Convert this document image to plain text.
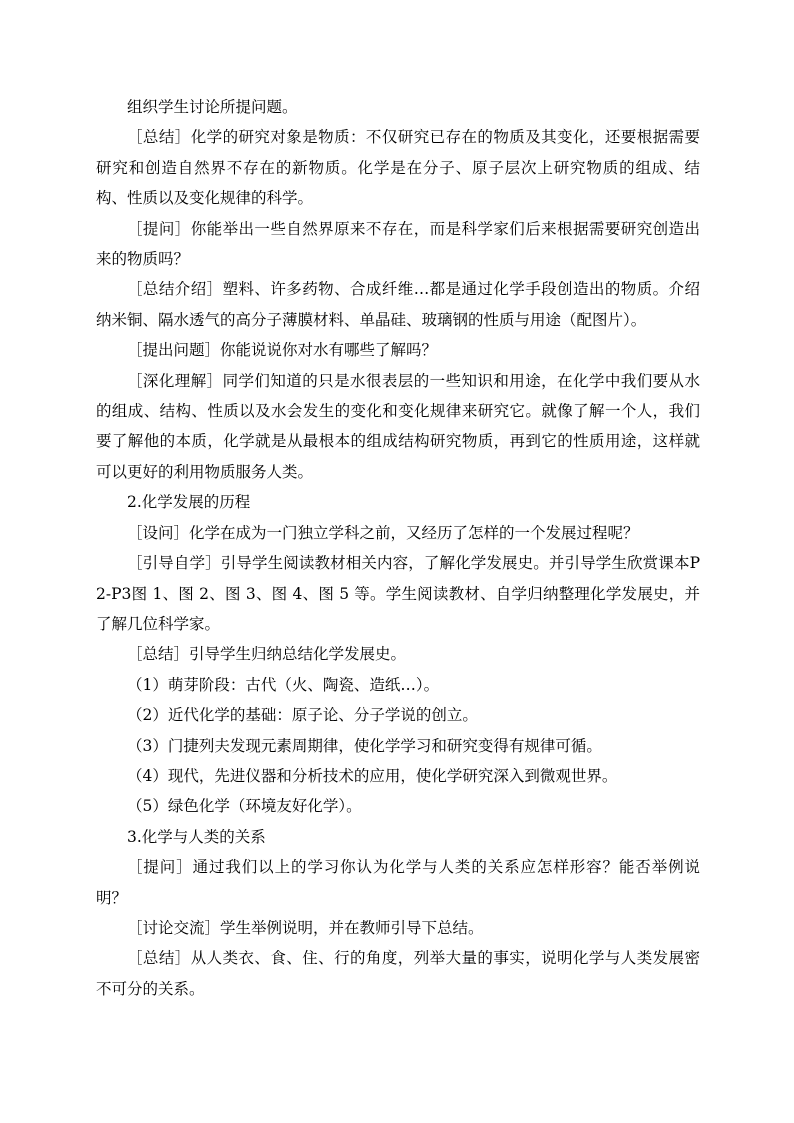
组织学生讨论所提问题。

［总结］化学的研究对象是物质：不仅研究已存在的物质及其变化，还要根据需要研究和创造自然界不存在的新物质。化学是在分子、原子层次上研究物质的组成、结构、性质以及变化规律的科学。

［提问］你能举出一些自然界原来不存在，而是科学家们后来根据需要研究创造出来的物质吗？

［总结介绍］塑料、许多药物、合成纤维…都是通过化学手段创造出的物质。介绍纳米铜、隔水透气的高分子薄膜材料、单晶硅、玻璃钢的性质与用途（配图片）。

［提出问题］你能说说你对水有哪些了解吗？

［深化理解］同学们知道的只是水很表层的一些知识和用途，在化学中我们要从水的组成、结构、性质以及水会发生的变化和变化规律来研究它。就像了解一个人，我们要了解他的本质，化学就是从最根本的组成结构研究物质，再到它的性质用途，这样就可以更好的利用物质服务人类。

2.化学发展的历程

［设问］化学在成为一门独立学科之前，又经历了怎样的一个发展过程呢？

［引导自学］引导学生阅读教材相关内容，了解化学发展史。并引导学生欣赏课本P2-P3图 1、图 2、图 3、图 4、图 5 等。学生阅读教材、自学归纳整理化学发展史，并了解几位科学家。

［总结］引导学生归纳总结化学发展史。

（1）萌芽阶段：古代（火、陶瓷、造纸…）。

（2）近代化学的基础：原子论、分子学说的创立。

（3）门捷列夫发现元素周期律，使化学学习和研究变得有规律可循。

（4）现代，先进仪器和分析技术的应用，使化学研究深入到微观世界。

（5）绿色化学（环境友好化学）。

3.化学与人类的关系

［提问］通过我们以上的学习你认为化学与人类的关系应怎样形容？能否举例说明？

［讨论交流］学生举例说明，并在教师引导下总结。

［总结］从人类衣、食、住、行的角度，列举大量的事实，说明化学与人类发展密不可分的关系。
